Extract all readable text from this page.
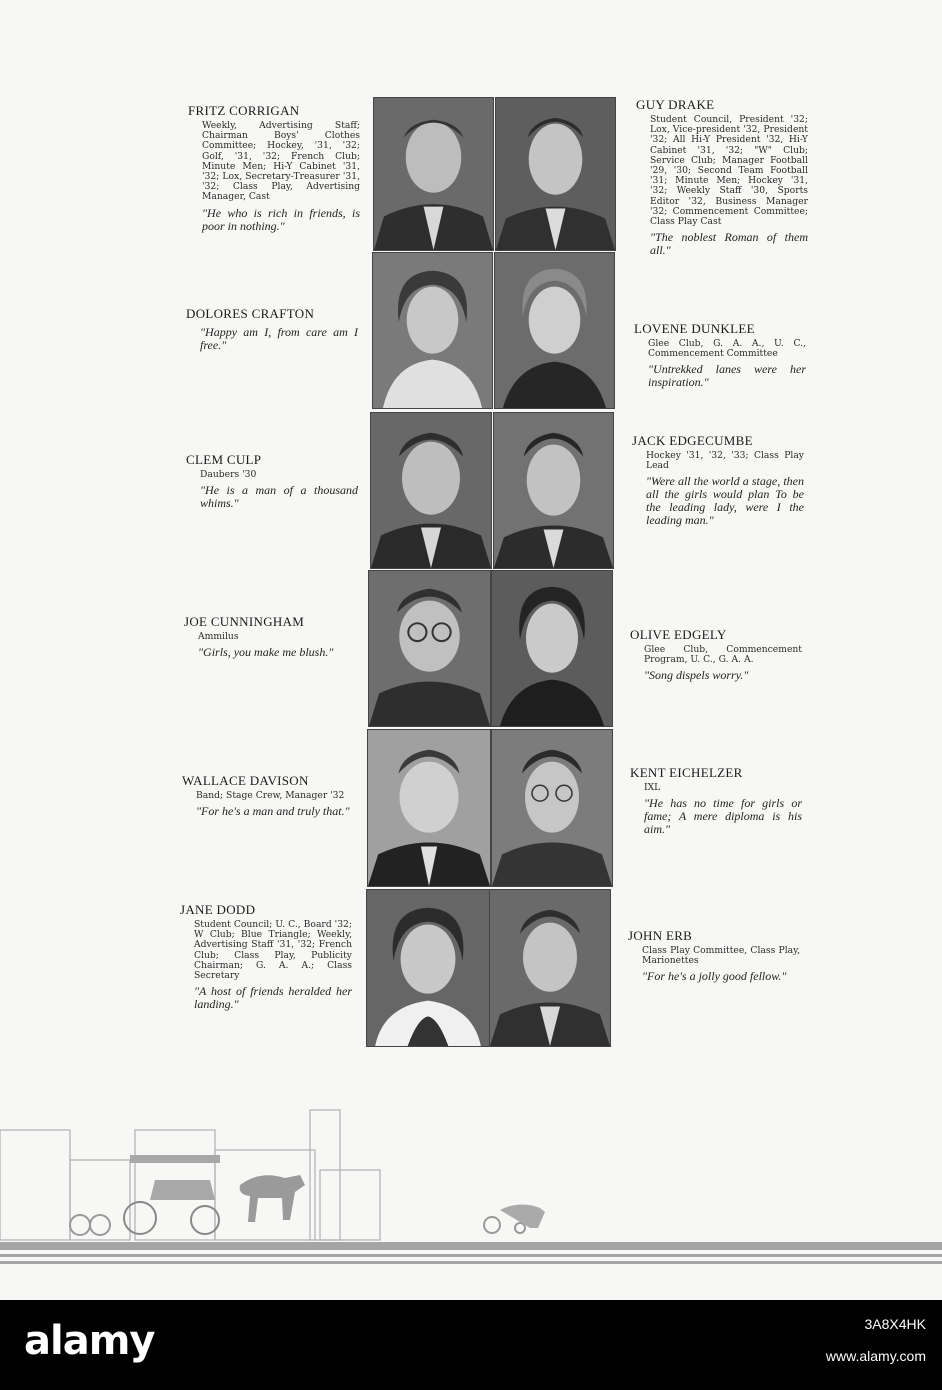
FRITZ CORRIGAN
Weekly, Advertising Staff; Chairman Boys' Clothes Committee; Hockey, '31, '32; Golf, '31, '32; French Club; Minute Men; Hi-Y Cabinet '31, '32; Lox, Secretary-Treasurer '31, '32; Class Play, Advertising Manager, Cast
"He who is rich in friends, is poor in nothing."
DOLORES CRAFTON
"Happy am I, from care am I free."
CLEM CULP
Daubers '30
"He is a man of a thousand whims."
JOE CUNNINGHAM
Ammilus
"Girls, you make me blush."
WALLACE DAVISON
Band; Stage Crew, Manager '32
"For he's a man and truly that."
JANE DODD
Student Council; U. C., Board '32; W Club; Blue Triangle; Weekly, Advertising Staff '31, '32; French Club; Class Play, Publicity Chairman; G. A. A.; Class Secretary
"A host of friends heralded her landing."
GUY DRAKE
Student Council, President '32; Lox, Vice-president '32, President '32; All Hi-Y President '32, Hi-Y Cabinet '31, '32; "W" Club; Service Club; Manager Football '29, '30; Second Team Football '31; Minute Men; Hockey '31, '32; Weekly Staff '30, Sports Editor '32, Business Manager '32; Commencement Committee; Class Play Cast
"The noblest Roman of them all."
LOVENE DUNKLEE
Glee Club, G. A. A., U. C., Commencement Committee
"Untrekked lanes were her inspiration."
JACK EDGECUMBE
Hockey '31, '32, '33; Class Play Lead
"Were all the world a stage, then all the girls would plan To be the leading lady, were I the leading man."
OLIVE EDGELY
Glee Club, Commencement Program, U. C., G. A. A.
"Song dispels worry."
KENT EICHELZER
IXL
"He has no time for girls or fame; A mere diploma is his aim."
JOHN ERB
Class Play Committee, Class Play, Marionettes
"For he's a jolly good fellow."
alamy	3A8X4HK
www.alamy.com
